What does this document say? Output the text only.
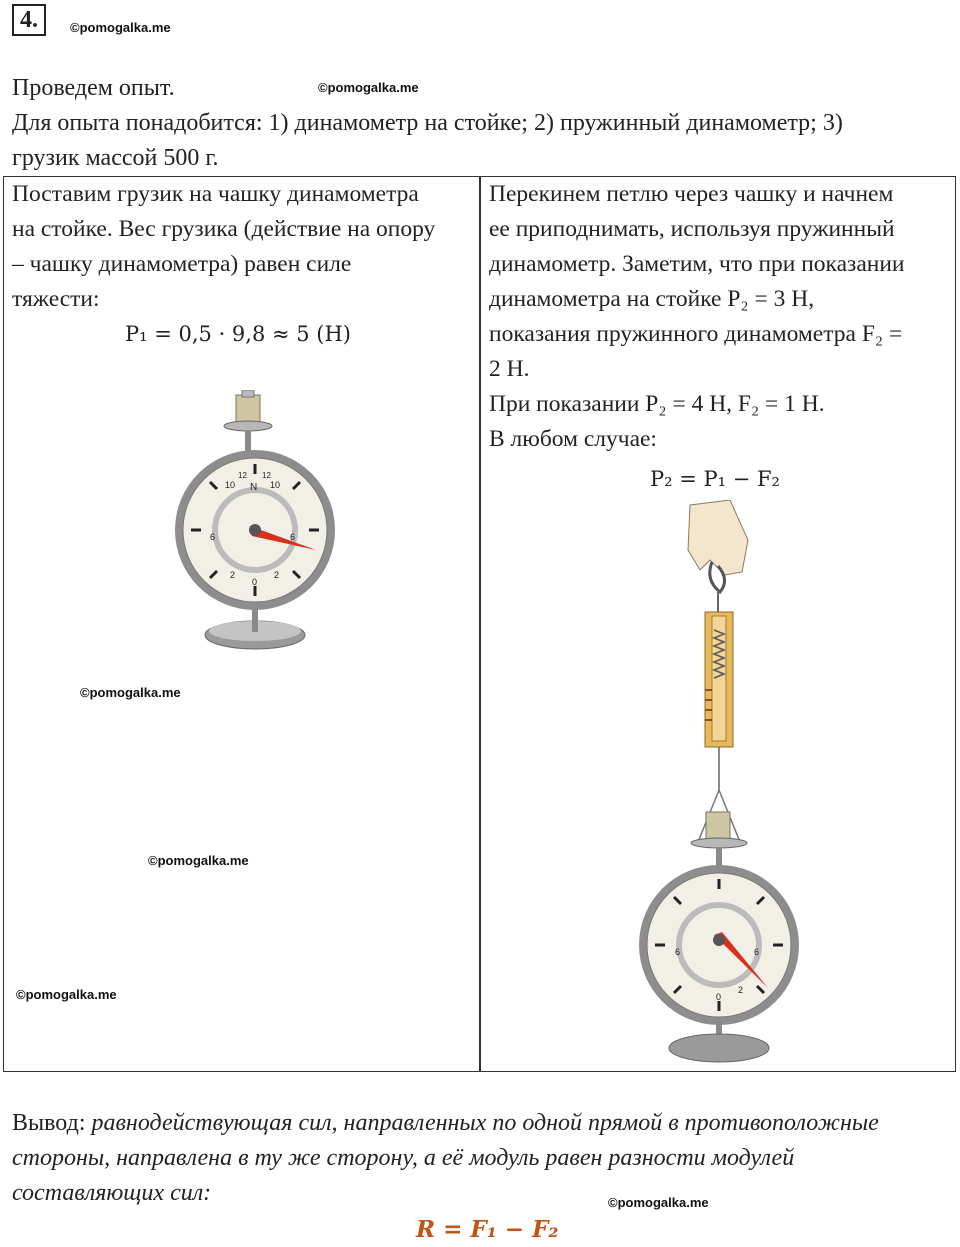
4.	©pomogalka.me
Проведем опыт.	©pomogalka.me
Для опыта понадобится: 1) динамометр на стойке; 2) пружинный динамометр; 3)
грузик массой 500 г.
Поставим грузик на чашку динамометра
на стойке. Вес грузика (действие на опору
– чашку динамометра) равен силе
тяжести:
P₁ = 0,5 · 9,8 ≈ 5 (Н)
N
10	10
12 12
6	6
2
0
2
©pomogalka.me
©pomogalka.me
©pomogalka.me
Перекинем петлю через чашку и начнем
ее приподнимать, используя пружинный
динамометр. Заметим, что при показании
динамометра на стойке P₂ = 3 Н,
показания пружинного динамометра F₂ =
2 Н.
При показании P₂ = 4 Н, F₂ = 1 Н.
В любом случае:
P₂ = P₁ − F₂
6	6
0
2
Вывод: равнодействующая сил, направленных по одной прямой в противоположные
стороны, направлена в ту же сторону, а её модуль равен разности модулей
составляющих сил:	©pomogalka.me
R = F₁ − F₂
